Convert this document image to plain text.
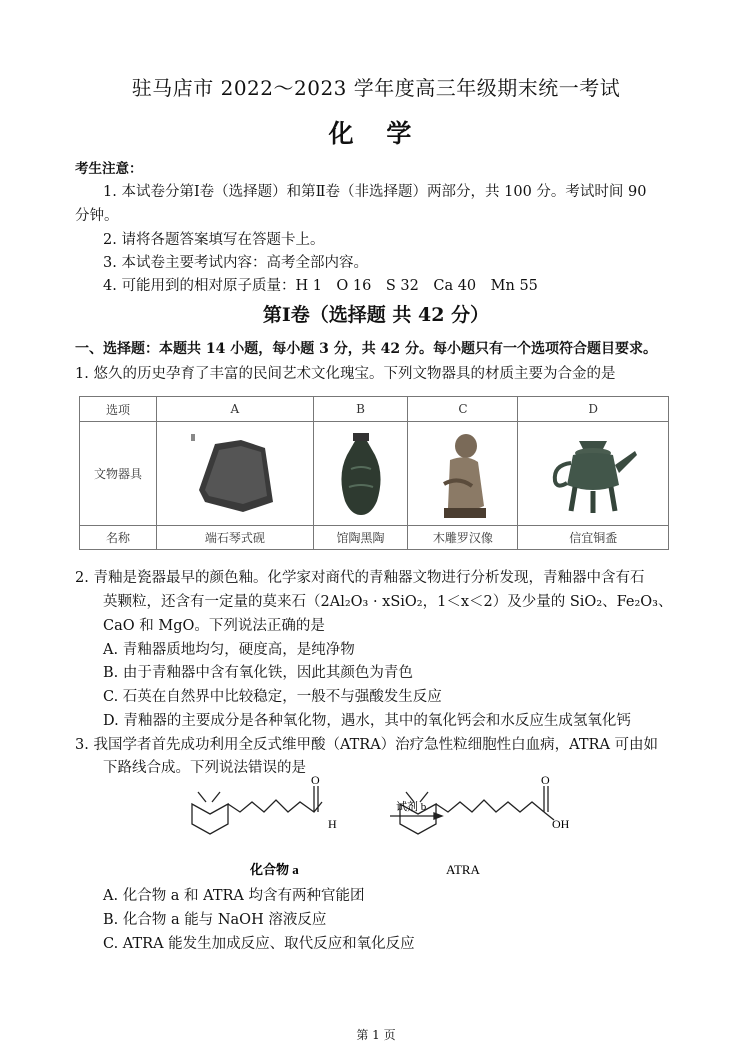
驻马店市 2022～2023 学年度高三年级期末统一考试
化 学
考生注意：
1. 本试卷分第Ⅰ卷（选择题）和第Ⅱ卷（非选择题）两部分，共 100 分。考试时间 90
分钟。
2. 请将各题答案填写在答题卡上。
3. 本试卷主要考试内容：高考全部内容。
4. 可能用到的相对原子质量：H 1　O 16　S 32　Ca 40　Mn 55
第Ⅰ卷（选择题 共 42 分）
一、选择题：本题共 14 小题，每小题 3 分，共 42 分。每小题只有一个选项符合题目要求。
1. 悠久的历史孕育了丰富的民间艺术文化瑰宝。下列文物器具的材质主要为合金的是
选项	A	B	C	D
文物器具				
名称	端石琴式砚	馆陶黑陶	木雕罗汉像	信宜铜盉
2. 青釉是瓷器最早的颜色釉。化学家对商代的青釉器文物进行分析发现，青釉器中含有石
英颗粒，还含有一定量的莫来石（2Al₂O₃ · xSiO₂，1＜x＜2）及少量的 SiO₂、Fe₂O₃、
CaO 和 MgO。下列说法正确的是
A. 青釉器质地均匀，硬度高，是纯净物
B. 由于青釉器中含有氧化铁，因此其颜色为青色
C. 石英在自然界中比较稳定，一般不与强酸发生反应
D. 青釉器的主要成分是各种氧化物，遇水，其中的氧化钙会和水反应生成氢氧化钙
3. 我国学者首先成功利用全反式维甲酸（ATRA）治疗急性粒细胞性白血病，ATRA 可由如
下路线合成。下列说法错误的是
O
H
试剂 b
O
OH
化合物 a	ATRA
A. 化合物 a 和 ATRA 均含有两种官能团
B. 化合物 a 能与 NaOH 溶液反应
C. ATRA 能发生加成反应、取代反应和氧化反应
第 1 页
